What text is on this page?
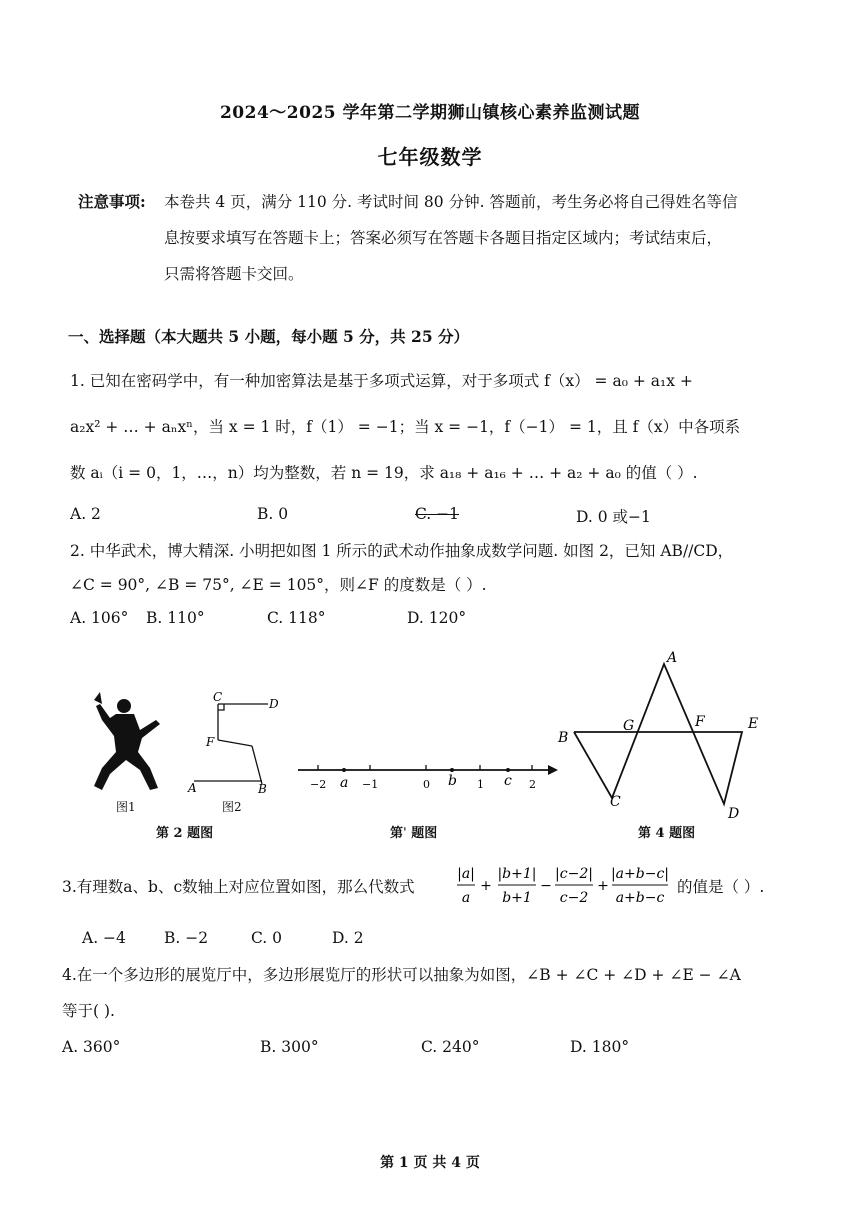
2024～2025 学年第二学期狮山镇核心素养监测试题
七年级数学
注意事项: 本卷共 4 页，满分 110 分. 考试时间 80 分钟. 答题前，考生务必将自己得姓名等信
息按要求填写在答题卡上；答案必须写在答题卡各题目指定区域内；考试结束后，
只需将答题卡交回。
一、选择题（本大题共 5 小题，每小题 5 分，共 25 分）
1. 已知在密码学中，有一种加密算法是基于多项式运算，对于多项式 f（x） = a₀ + a₁x +
a₂x² + … + aₙxⁿ，当 x = 1 时，f（1） = −1；当 x = −1，f（−1） = 1，且 f（x）中各项系
数 aᵢ（i = 0，1，…，n）均为整数，若 n = 19，求 a₁₈ + a₁₆ + … + a₂ + a₀ 的值（ ）.
A. 2	B. 0	C. −1	D. 0 或−1
2. 中华武术，博大精深. 小明把如图 1 所示的武术动作抽象成数学问题. 如图 2，已知 AB//CD，
∠C = 90°, ∠B = 75°, ∠E = 105°，则∠F 的度数是（ ）.
A. 106° B. 110°	C. 118°	D. 120°
图1
C	D
F
A	B
图2
第 2 题图
−2	−1	0	1	2
a	b	c
第ˈ 题图
A
B
G	F	E
C
D
第 4 题图
3.有理数a、b、c数轴上对应位置如图，那么代数式
|a|
a
|b+1|
b+1
|c−2|
c−2
|a+b−c|
a+b−c
+	−	+	的值是（ ）.
A. −4 B. −2	C. 0	D. 2
4.在一个多边形的展览厅中，多边形展览厅的形状可以抽象为如图，∠B + ∠C + ∠D + ∠E − ∠A
等于( ).
A. 360°	B. 300°	C. 240°	D. 180°
第 1 页 共 4 页
